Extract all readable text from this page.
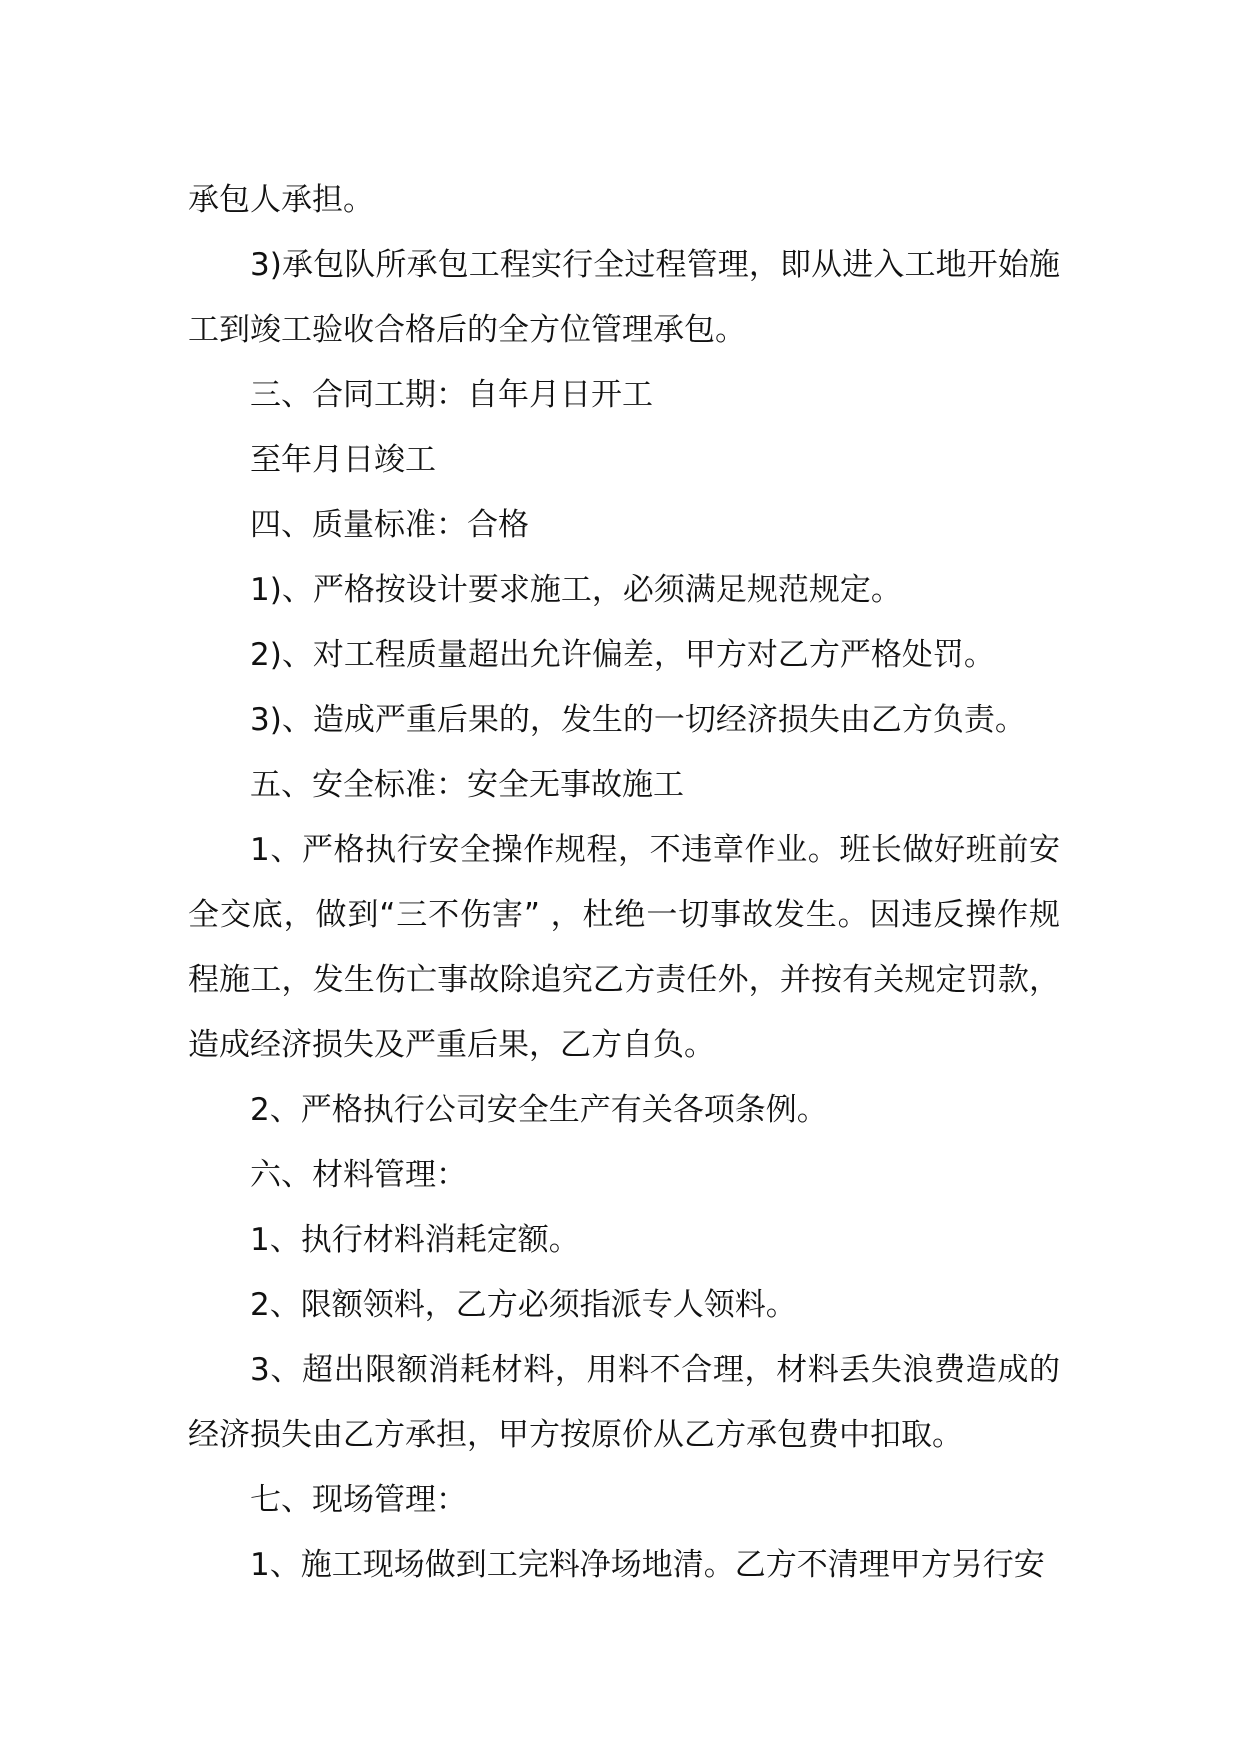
承包人承担。

3)承包队所承包工程实行全过程管理，即从进入工地开始施工到竣工验收合格后的全方位管理承包。

三、合同工期：自年月日开工

至年月日竣工

四、质量标准：合格

1)、严格按设计要求施工，必须满足规范规定。

2)、对工程质量超出允许偏差，甲方对乙方严格处罚。

3)、造成严重后果的，发生的一切经济损失由乙方负责。

五、安全标准：安全无事故施工

1、严格执行安全操作规程，不违章作业。班长做好班前安全交底，做到“三不伤害” ，杜绝一切事故发生。因违反操作规程施工，发生伤亡事故除追究乙方责任外，并按有关规定罚款，造成经济损失及严重后果，乙方自负。

2、严格执行公司安全生产有关各项条例。

六、材料管理：

1、执行材料消耗定额。

2、限额领料，乙方必须指派专人领料。

3、超出限额消耗材料，用料不合理，材料丢失浪费造成的经济损失由乙方承担，甲方按原价从乙方承包费中扣取。

七、现场管理：

1、施工现场做到工完料净场地清。乙方不清理甲方另行安
